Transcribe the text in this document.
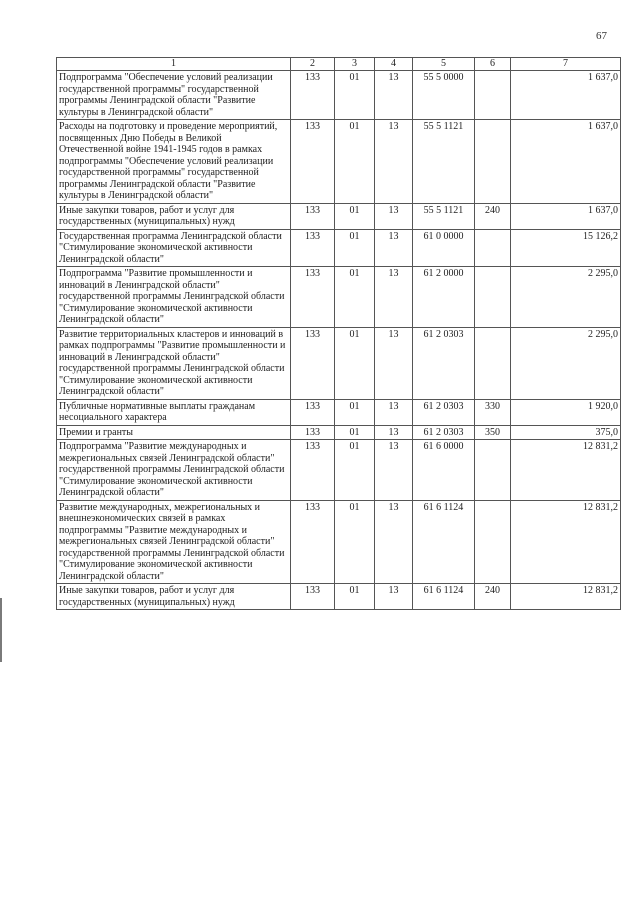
67
1	2	3	4	5	6	7
Подпрограмма "Обеспечение условий реализации государственной программы" государственной программы Ленинградской области "Развитие культуры в Ленинградской области"	133	01	13	55 5 0000		1 637,0
Расходы на подготовку и проведение мероприятий, посвященных Дню Победы в Великой Отечественной войне 1941-1945 годов в рамках подпрограммы "Обеспечение условий реализации государственной программы" государственной программы Ленинградской области "Развитие культуры в Ленинградской области"	133	01	13	55 5 1121		1 637,0
Иные закупки товаров, работ и услуг для государственных (муниципальных) нужд	133	01	13	55 5 1121	240	1 637,0
Государственная программа Ленинградской области "Стимулирование экономической активности Ленинградской области"	133	01	13	61 0 0000		15 126,2
Подпрограмма "Развитие промышленности и инноваций в Ленинградской области" государственной программы Ленинградской области "Стимулирование экономической активности Ленинградской области"	133	01	13	61 2 0000		2 295,0
Развитие территориальных кластеров и инноваций в рамках подпрограммы "Развитие промышленности и инноваций в Ленинградской области" государственной программы Ленинградской области "Стимулирование экономической активности Ленинградской области"	133	01	13	61 2 0303		2 295,0
Публичные нормативные выплаты гражданам несоциального характера	133	01	13	61 2 0303	330	1 920,0
Премии и гранты	133	01	13	61 2 0303	350	375,0
Подпрограмма "Развитие международных и межрегиональных связей Ленинградской области" государственной программы Ленинградской области "Стимулирование экономической активности Ленинградской области"	133	01	13	61 6 0000		12 831,2
Развитие международных, межрегиональных и внешнеэкономических связей в рамках подпрограммы "Развитие международных и межрегиональных связей Ленинградской области" государственной программы Ленинградской области "Стимулирование экономической активности Ленинградской области"	133	01	13	61 6 1124		12 831,2
Иные закупки товаров, работ и услуг для государственных (муниципальных) нужд	133	01	13	61 6 1124	240	12 831,2
